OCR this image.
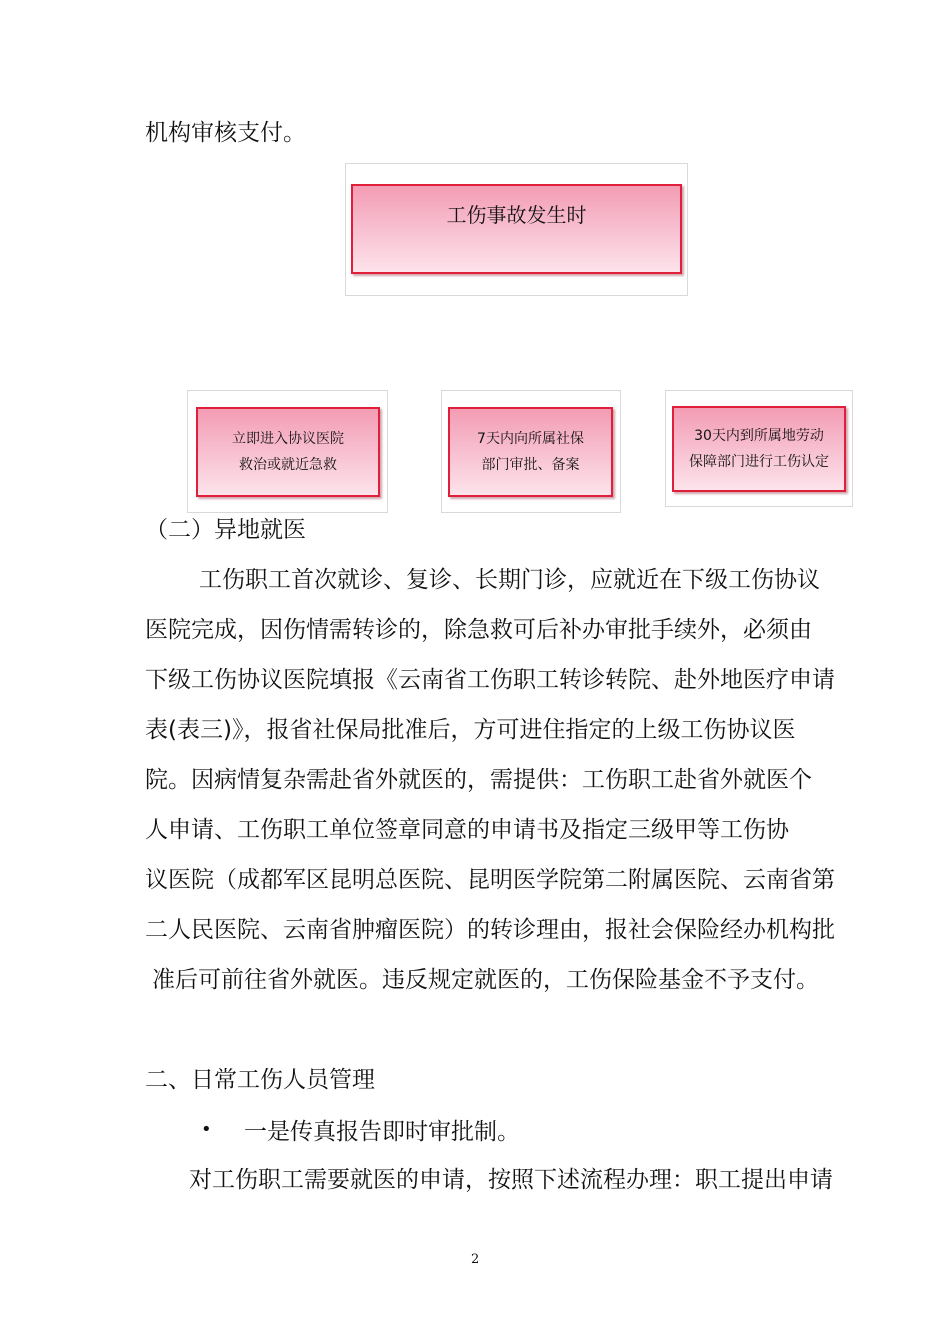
机构审核支付。
工伤事故发生时
立即进入协议医院
救治或就近急救
7天内向所属社保
部门审批、备案
30天内到所属地劳动
保障部门进行工伤认定
（二）异地就医
工伤职工首次就诊、复诊、长期门诊，应就近在下级工伤协议
医院完成，因伤情需转诊的，除急救可后补办审批手续外，必须由
下级工伤协议医院填报《云南省工伤职工转诊转院、赴外地医疗申请
表(表三)》，报省社保局批准后，方可进住指定的上级工伤协议医
院。因病情复杂需赴省外就医的，需提供：工伤职工赴省外就医个
人申请、工伤职工单位签章同意的申请书及指定三级甲等工伤协
议医院（成都军区昆明总医院、昆明医学院第二附属医院、云南省第
二人民医院、云南省肿瘤医院）的转诊理由，报社会保险经办机构批
准后可前往省外就医。违反规定就医的，工伤保险基金不予支付。
二、日常工伤人员管理
• 一是传真报告即时审批制。
对工伤职工需要就医的申请，按照下述流程办理：职工提出申请
2
